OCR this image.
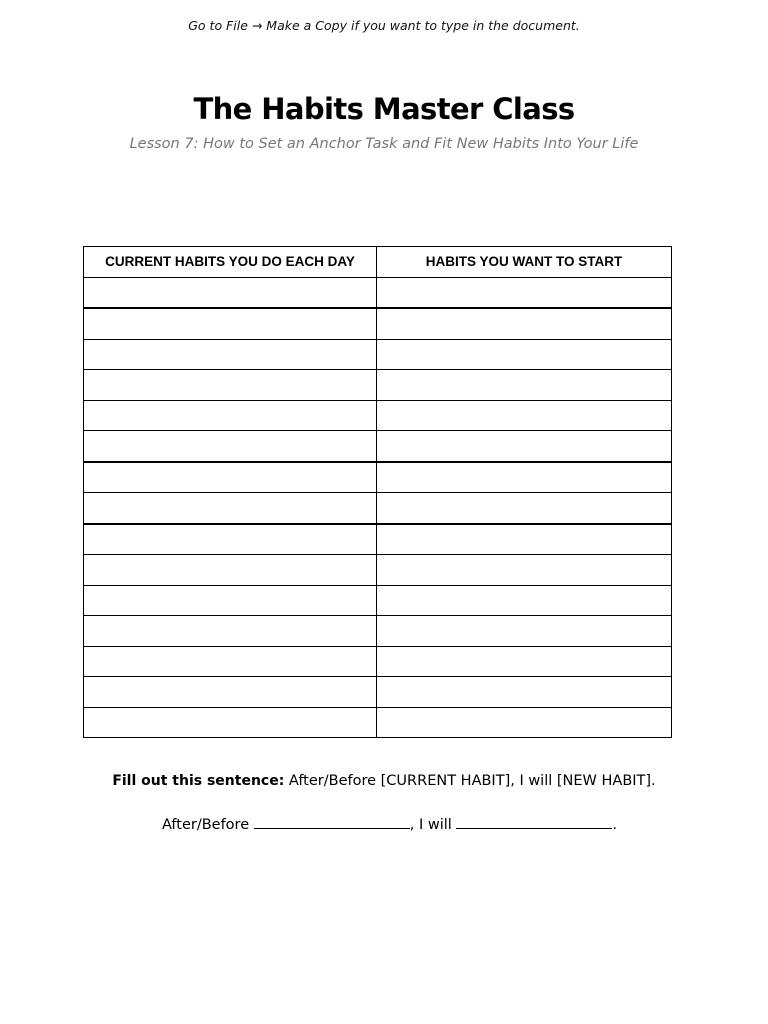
Go to File → Make a Copy if you want to type in the document.
The Habits Master Class
Lesson 7: How to Set an Anchor Task and Fit New Habits Into Your Life
CURRENT HABITS YOU DO EACH DAY	HABITS YOU WANT TO START

Fill out this sentence: After/Before [CURRENT HABIT], I will [NEW HABIT].
After/Before	, I will	.
